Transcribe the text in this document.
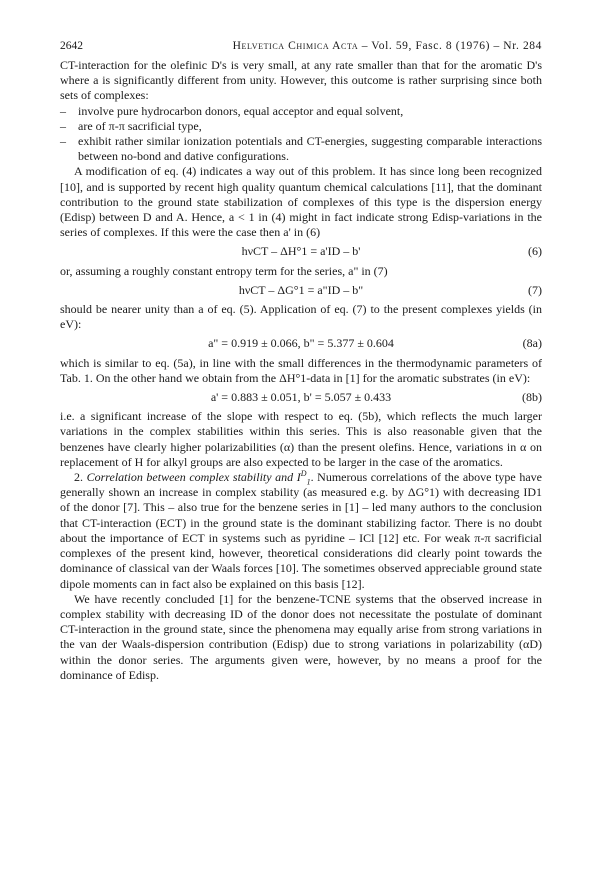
2642	Helvetica Chimica Acta – Vol. 59, Fasc. 8 (1976) – Nr. 284

CT-interaction for the olefinic D's is very small, at any rate smaller than that for the aromatic D's where a is significantly different from unity. However, this outcome is rather surprising since both sets of complexes:

– involve pure hydrocarbon donors, equal acceptor and equal solvent,
– are of π-π sacrificial type,
– exhibit rather similar ionization potentials and CT-energies, suggesting comparable interactions between no-bond and dative configurations.

A modification of eq. (4) indicates a way out of this problem. It has since long been recognized [10], and is supported by recent high quality quantum chemical calculations [11], that the dominant contribution to the ground state stabilization of complexes of this type is the dispersion energy (Edisp) between D and A. Hence, a < 1 in (4) might in fact indicate strong Edisp-variations in the series of complexes. If this were the case then a' in (6)

hνCT – ΔH°1 = a'ID – b'	(6)

or, assuming a roughly constant entropy term for the series, a" in (7)

hνCT – ΔG°1 = a"ID – b"	(7)

should be nearer unity than a of eq. (5). Application of eq. (7) to the present complexes yields (in eV):

a" = 0.919 ± 0.066, b" = 5.377 ± 0.604	(8a)

which is similar to eq. (5a), in line with the small differences in the thermodynamic parameters of Tab. 1. On the other hand we obtain from the ΔH°1-data in [1] for the aromatic substrates (in eV):

a' = 0.883 ± 0.051, b' = 5.057 ± 0.433	(8b)

i.e. a significant increase of the slope with respect to eq. (5b), which reflects the much larger variations in the complex stabilities within this series. This is also reasonable given that the benzenes have clearly higher polarizabilities (α) than the present olefins. Hence, variations in α on replacement of H for alkyl groups are also expected to be larger in the case of the aromatics.

2. Correlation between complex stability and $I^D_1$. Numerous correlations of the above type have generally shown an increase in complex stability (as measured e.g. by ΔG°1) with decreasing ID1 of the donor [7]. This – also true for the benzene series in [1] – led many authors to the conclusion that CT-interaction (ECT) in the ground state is the dominant stabilizing factor. There is no doubt about the importance of ECT in systems such as pyridine – ICl [12] etc. For weak π-π sacrificial complexes of the present kind, however, theoretical considerations did clearly point towards the dominance of classical van der Waals forces [10]. The sometimes observed appreciable ground state dipole moments can in fact also be explained on this basis [12].

We have recently concluded [1] for the benzene-TCNE systems that the observed increase in complex stability with decreasing ID of the donor does not necessitate the postulate of dominant CT-interaction in the ground state, since the phenomena may equally arise from strong variations in the van der Waals-dispersion contribution (Edisp) due to strong variations in polarizability (αD) within the donor series. The arguments given were, however, by no means a proof for the dominance of Edisp.
